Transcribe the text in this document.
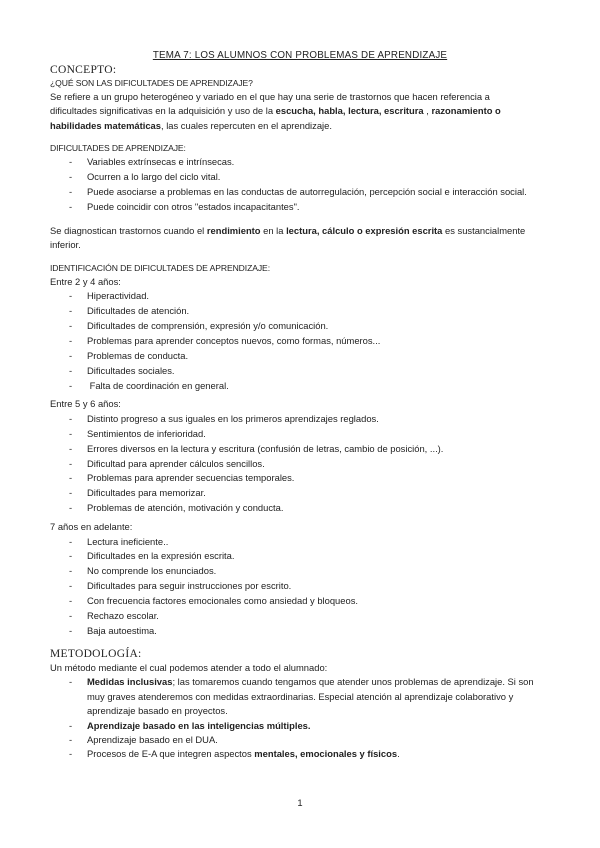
TEMA 7: LOS ALUMNOS CON PROBLEMAS DE APRENDIZAJE

CONCEPTO:

¿QUÉ SON LAS DIFICULTADES DE APRENDIZAJE?

Se refiere a un grupo heterogéneo y variado en el que hay una serie de trastornos que hacen referencia a
dificultades significativas en la adquisición y uso de la escucha, habla, lectura, escritura , razonamiento o
habilidades matemáticas, las cuales repercuten en el aprendizaje.

DIFICULTADES DE APRENDIZAJE:

- Variables extrínsecas e intrínsecas.
- Ocurren a lo largo del ciclo vital.
- Puede asociarse a problemas en las conductas de autorregulación, percepción social e interacción social.
- Puede coincidir con otros "estados incapacitantes".

Se diagnostican trastornos cuando el rendimiento en la lectura, cálculo o expresión escrita es sustancialmente
inferior.

IDENTIFICACIÓN DE DIFICULTADES DE APRENDIZAJE:

Entre 2 y 4 años:

- Hiperactividad.
- Dificultades de atención.
- Dificultades de comprensión, expresión y/o comunicación.
- Problemas para aprender conceptos nuevos, como formas, números...
- Problemas de conducta.
- Dificultades sociales.
-  Falta de coordinación en general.

Entre 5 y 6 años:

- Distinto progreso a sus iguales en los primeros aprendizajes reglados.
- Sentimientos de inferioridad.
- Errores diversos en la lectura y escritura (confusión de letras, cambio de posición, ...).
- Dificultad para aprender cálculos sencillos.
- Problemas para aprender secuencias temporales.
- Dificultades para memorizar.
- Problemas de atención, motivación y conducta.

7 años en adelante:

- Lectura ineficiente..
- Dificultades en la expresión escrita.
- No comprende los enunciados.
- Dificultades para seguir instrucciones por escrito.
- Con frecuencia factores emocionales como ansiedad y bloqueos.
- Rechazo escolar.
- Baja autoestima.

METODOLOGÍA:

Un método mediante el cual podemos atender a todo el alumnado:

- Medidas inclusivas; las tomaremos cuando tengamos que atender unos problemas de aprendizaje. Si son
muy graves atenderemos con medidas extraordinarias. Especial atención al aprendizaje colaborativo y
aprendizaje basado en proyectos.
- Aprendizaje basado en las inteligencias múltiples.
- Aprendizaje basado en el DUA.
- Procesos de E-A que integren aspectos mentales, emocionales y físicos.
1
